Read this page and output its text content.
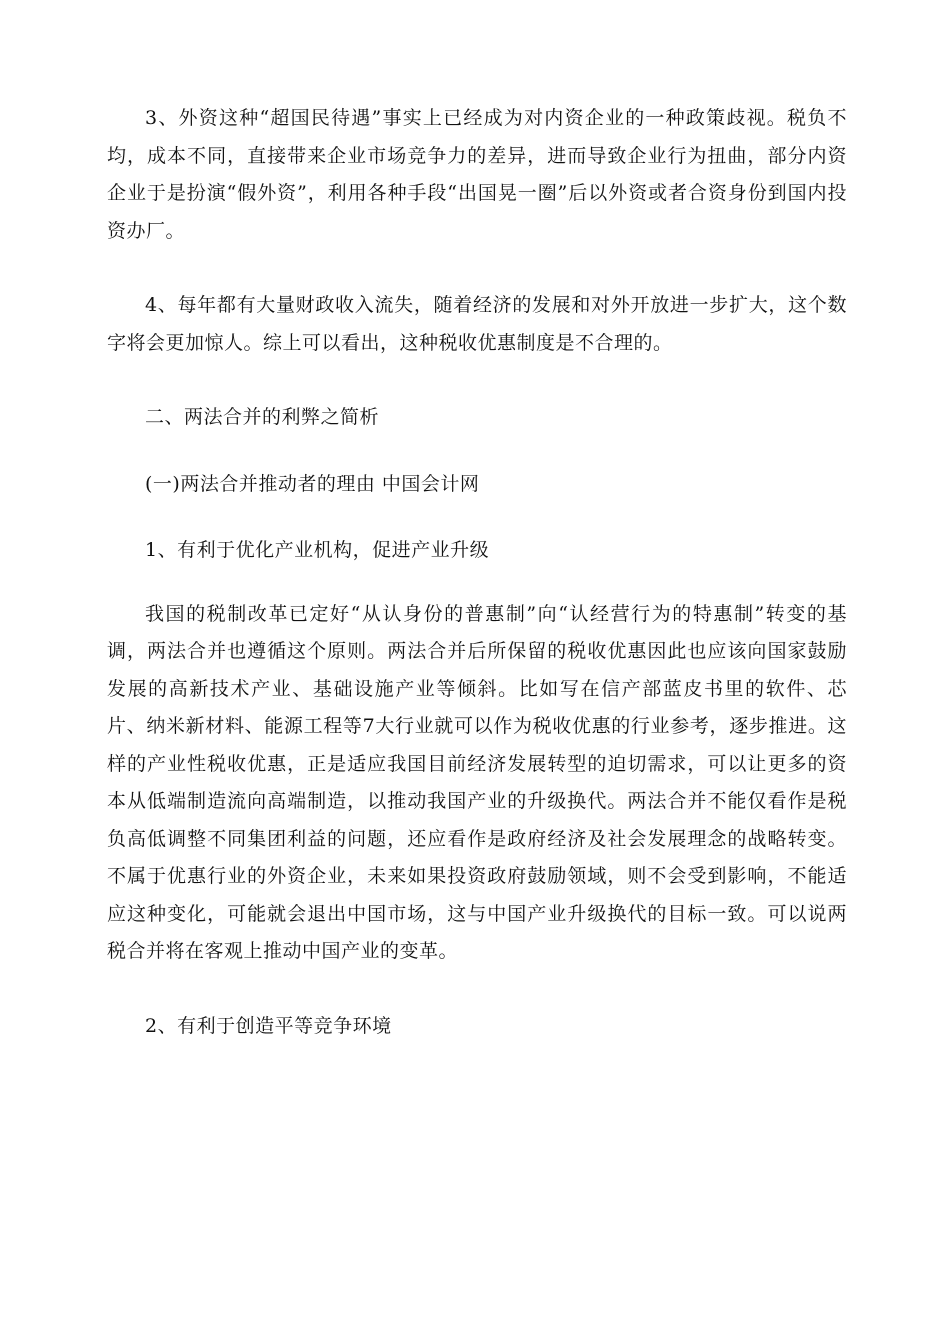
3、外资这种“超国民待遇”事实上已经成为对内资企业的一种政策歧视。税负不均，成本不同，直接带来企业市场竞争力的差异，进而导致企业行为扭曲，部分内资企业于是扮演“假外资”，利用各种手段“出国晃一圈”后以外资或者合资身份到国内投资办厂。

4、每年都有大量财政收入流失，随着经济的发展和对外开放进一步扩大，这个数字将会更加惊人。综上可以看出，这种税收优惠制度是不合理的。

二、两法合并的利弊之简析

(一)两法合并推动者的理由 中国会计网

1、有利于优化产业机构，促进产业升级

我国的税制改革已定好“从认身份的普惠制”向“认经营行为的特惠制”转变的基调，两法合并也遵循这个原则。两法合并后所保留的税收优惠因此也应该向国家鼓励发展的高新技术产业、基础设施产业等倾斜。比如写在信产部蓝皮书里的软件、芯片、纳米新材料、能源工程等7大行业就可以作为税收优惠的行业参考，逐步推进。这样的产业性税收优惠，正是适应我国目前经济发展转型的迫切需求，可以让更多的资本从低端制造流向高端制造，以推动我国产业的升级换代。两法合并不能仅看作是税负高低调整不同集团利益的问题，还应看作是政府经济及社会发展理念的战略转变。不属于优惠行业的外资企业，未来如果投资政府鼓励领域，则不会受到影响，不能适应这种变化，可能就会退出中国市场，这与中国产业升级换代的目标一致。可以说两税合并将在客观上推动中国产业的变革。

2、有利于创造平等竞争环境
